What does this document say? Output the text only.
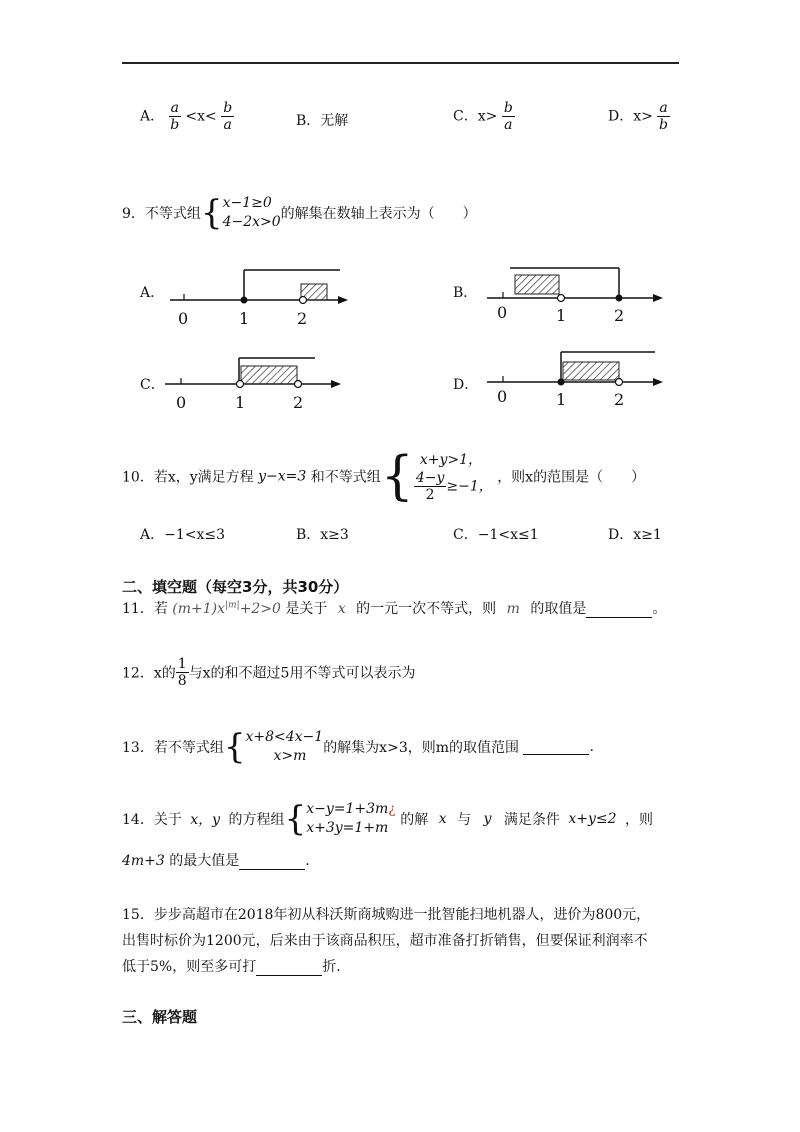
A． $\frac{a}{b} <x< \frac{b}{a}$	B．无解	C．$x> \frac{b}{a}$	D．$x> \frac{a}{b}$
9．不等式组{ x−1≥0
4−2x>0 的解集在数轴上表示为（　　）
A．
0	1	2
B．
0	1	2
C．
0	1	2
D．
0	1	2
10．若x，y满足方程 y−x=3 和不等式组{ x+y>1，
$\frac{4-y}{2} \ge-1$，
，则x的范围是（　　）
A．−1<x≤3	B．x≥3	C．−1<x≤1	D．x≥1
二、填空题（每空3分，共30分）
11．若 $(m+1)x^{|m|}+2>0$ 是关于 x 的一元一次不等式，则 m 的取值是	。
12．x的 $\frac{1}{8}$ 与x的和不超过5用不等式可以表示为
13．若不等式组{ x+8<4x−1
x>m	的解集为x>3，则m的取值范围	.
14．关于 x，y 的方程组{ x−y=1+3m¿
x+3y=1+m 的解 x 与 y 满足条件 x+y≤2 ，则
4m+3 的最大值是	.
15．步步高超市在2018年初从科沃斯商城购进一批智能扫地机器人，进价为800元，
出售时标价为1200元，后来由于该商品积压，超市准备打折销售，但要保证利润率不
低于5%，则至多可打	折.
三、解答题
